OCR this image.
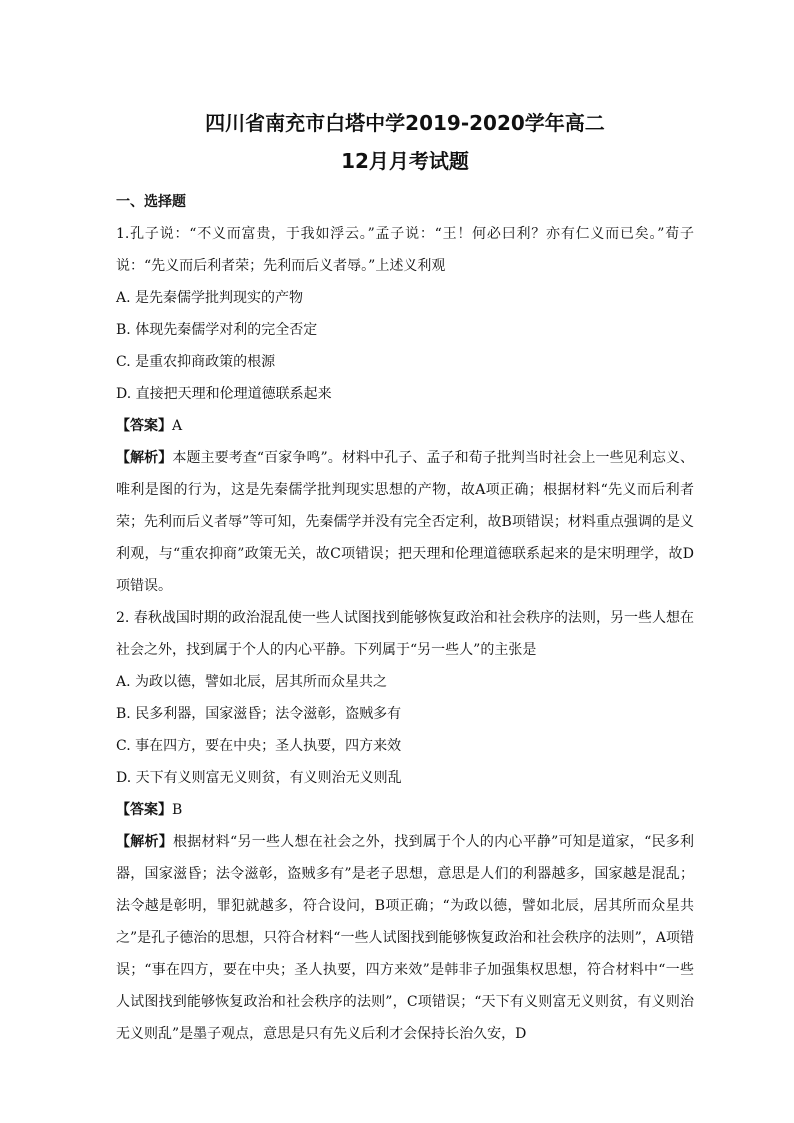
四川省南充市白塔中学2019-2020学年高二
12月月考试题

一、选择题

1.孔子说：“不义而富贵，于我如浮云。”孟子说：“王！何必曰利？亦有仁义而已矣。”荀子说：“先义而后利者荣；先利而后义者辱。”上述义利观

A. 是先秦儒学批判现实的产物

B. 体现先秦儒学对利的完全否定

C. 是重农抑商政策的根源

D. 直接把天理和伦理道德联系起来

【答案】A

【解析】本题主要考查“百家争鸣”。材料中孔子、孟子和荀子批判当时社会上一些见利忘义、唯利是图的行为，这是先秦儒学批判现实思想的产物，故A项正确；根据材料“先义而后利者荣；先利而后义者辱”等可知，先秦儒学并没有完全否定利，故B项错误；材料重点强调的是义利观，与“重农抑商”政策无关，故C项错误；把天理和伦理道德联系起来的是宋明理学，故D项错误。

2. 春秋战国时期的政治混乱使一些人试图找到能够恢复政治和社会秩序的法则，另一些人想在社会之外，找到属于个人的内心平静。下列属于“另一些人”的主张是

A. 为政以德，譬如北辰，居其所而众星共之

B. 民多利器，国家滋昏；法令滋彰，盗贼多有

C. 事在四方，要在中央；圣人执要，四方来效

D. 天下有义则富无义则贫，有义则治无义则乱

【答案】B

【解析】根据材料“另一些人想在社会之外，找到属于个人的内心平静”可知是道家，“民多利器，国家滋昏；法令滋彰，盗贼多有”是老子思想，意思是人们的利器越多，国家越是混乱；法令越是彰明，罪犯就越多，符合设问，B项正确；“为政以德，譬如北辰，居其所而众星共之”是孔子德治的思想，只符合材料“一些人试图找到能够恢复政治和社会秩序的法则”，A项错误；“事在四方，要在中央；圣人执要，四方来效”是韩非子加强集权思想，符合材料中“一些人试图找到能够恢复政治和社会秩序的法则”，C项错误；“天下有义则富无义则贫，有义则治无义则乱”是墨子观点，意思是只有先义后利才会保持长治久安，D
